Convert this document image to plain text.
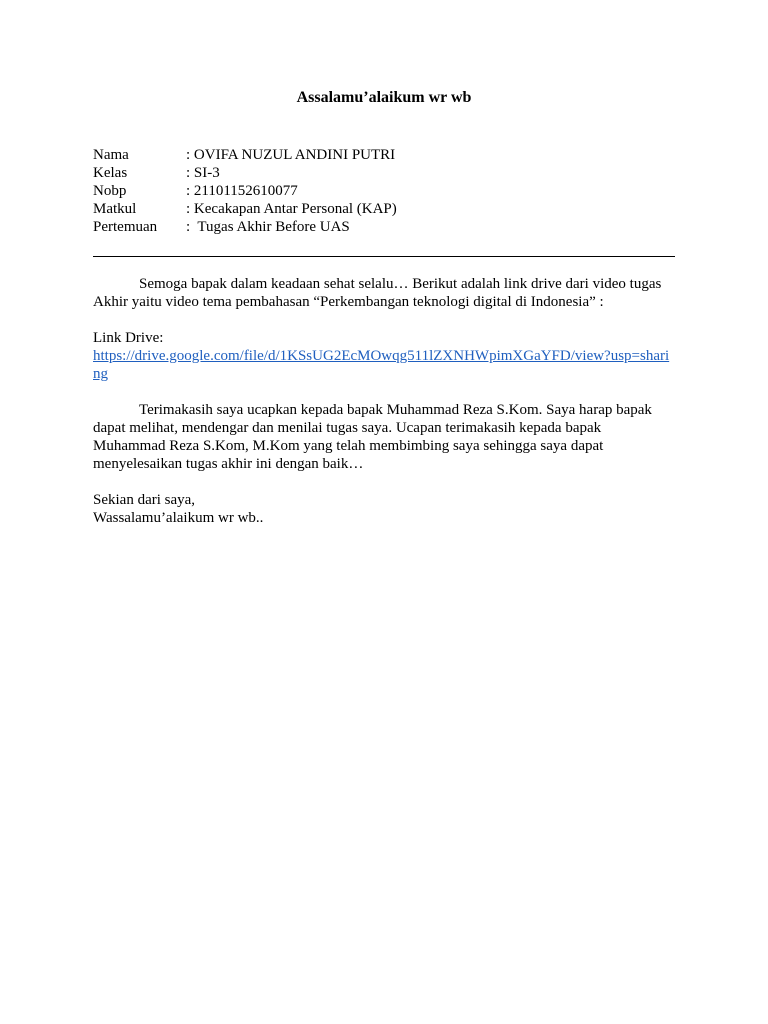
Assalamu’alaikum wr wb
Nama	: OVIFA NUZUL ANDINI PUTRI
Kelas	: SI-3
Nobp	: 21101152610077
Matkul	: Kecakapan Antar Personal (KAP)
Pertemuan	:  Tugas Akhir Before UAS

Semoga bapak dalam keadaan sehat selalu… Berikut adalah link drive dari video tugas Akhir yaitu video tema pembahasan “Perkembangan teknologi digital di Indonesia” :

Link Drive:
https://drive.google.com/file/d/1KSsUG2EcMOwqg511lZXNHWpimXGaYFD/view?usp=sharing

Terimakasih saya ucapkan kepada bapak Muhammad Reza S.Kom. Saya harap bapak dapat melihat, mendengar dan menilai tugas saya. Ucapan terimakasih kepada bapak Muhammad Reza S.Kom, M.Kom yang telah membimbing saya sehingga saya dapat menyelesaikan tugas akhir ini dengan baik…

Sekian dari saya,
Wassalamu’alaikum wr wb..
